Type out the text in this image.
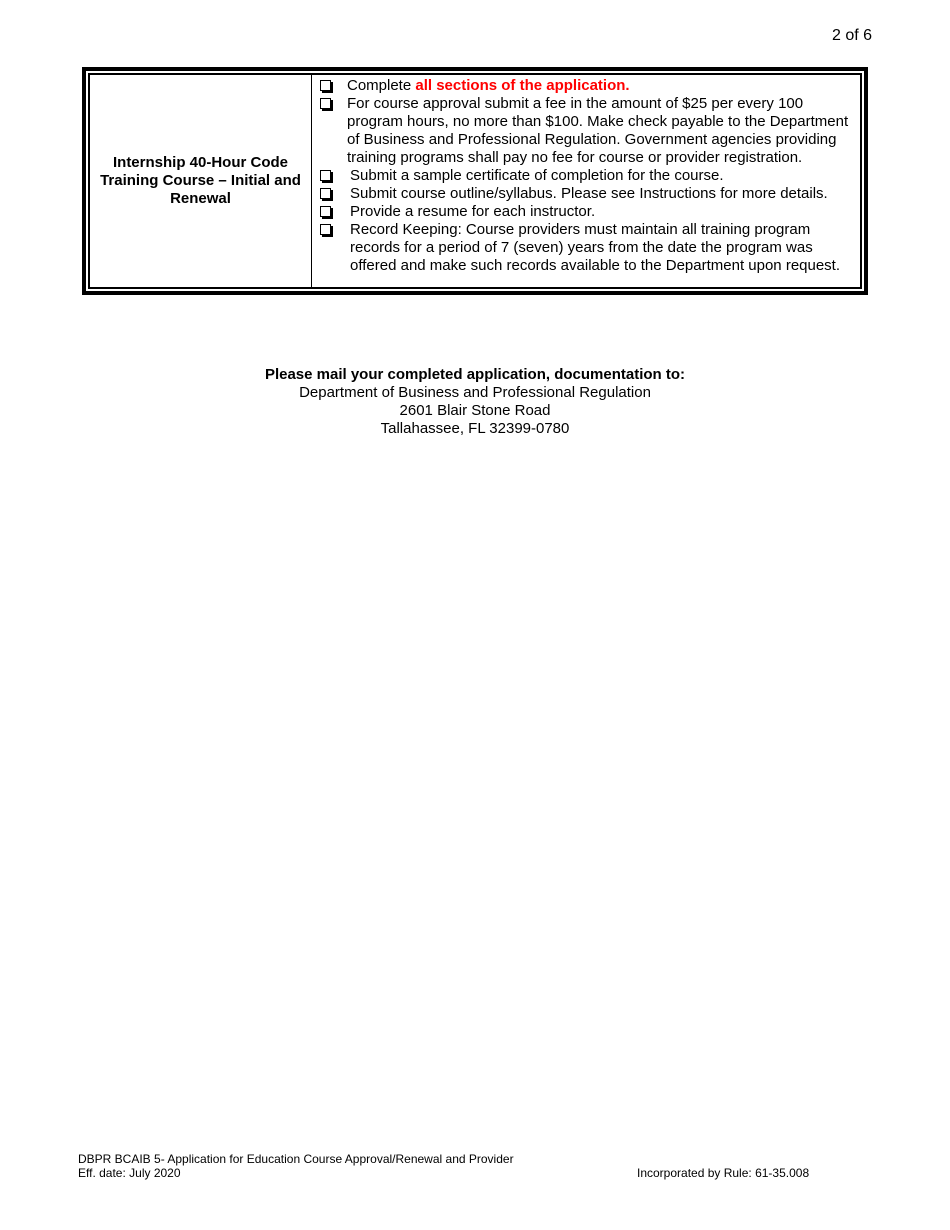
2 of 6
Internship 40-Hour Code Training Course – Initial and Renewal
Complete all sections of the application.
For course approval submit a fee in the amount of $25 per every 100 program hours, no more than $100. Make check payable to the Department of Business and Professional Regulation. Government agencies providing training programs shall pay no fee for course or provider registration.
Submit a sample certificate of completion for the course.
Submit course outline/syllabus. Please see Instructions for more details.
Provide a resume for each instructor.
Record Keeping: Course providers must maintain all training program records for a period of 7 (seven) years from the date the program was offered and make such records available to the Department upon request.
Please mail your completed application, documentation to:
Department of Business and Professional Regulation
2601 Blair Stone Road
Tallahassee, FL 32399-0780
DBPR BCAIB 5- Application for Education Course Approval/Renewal and Provider
Eff. date: July 2020	Incorporated by Rule: 61-35.008
